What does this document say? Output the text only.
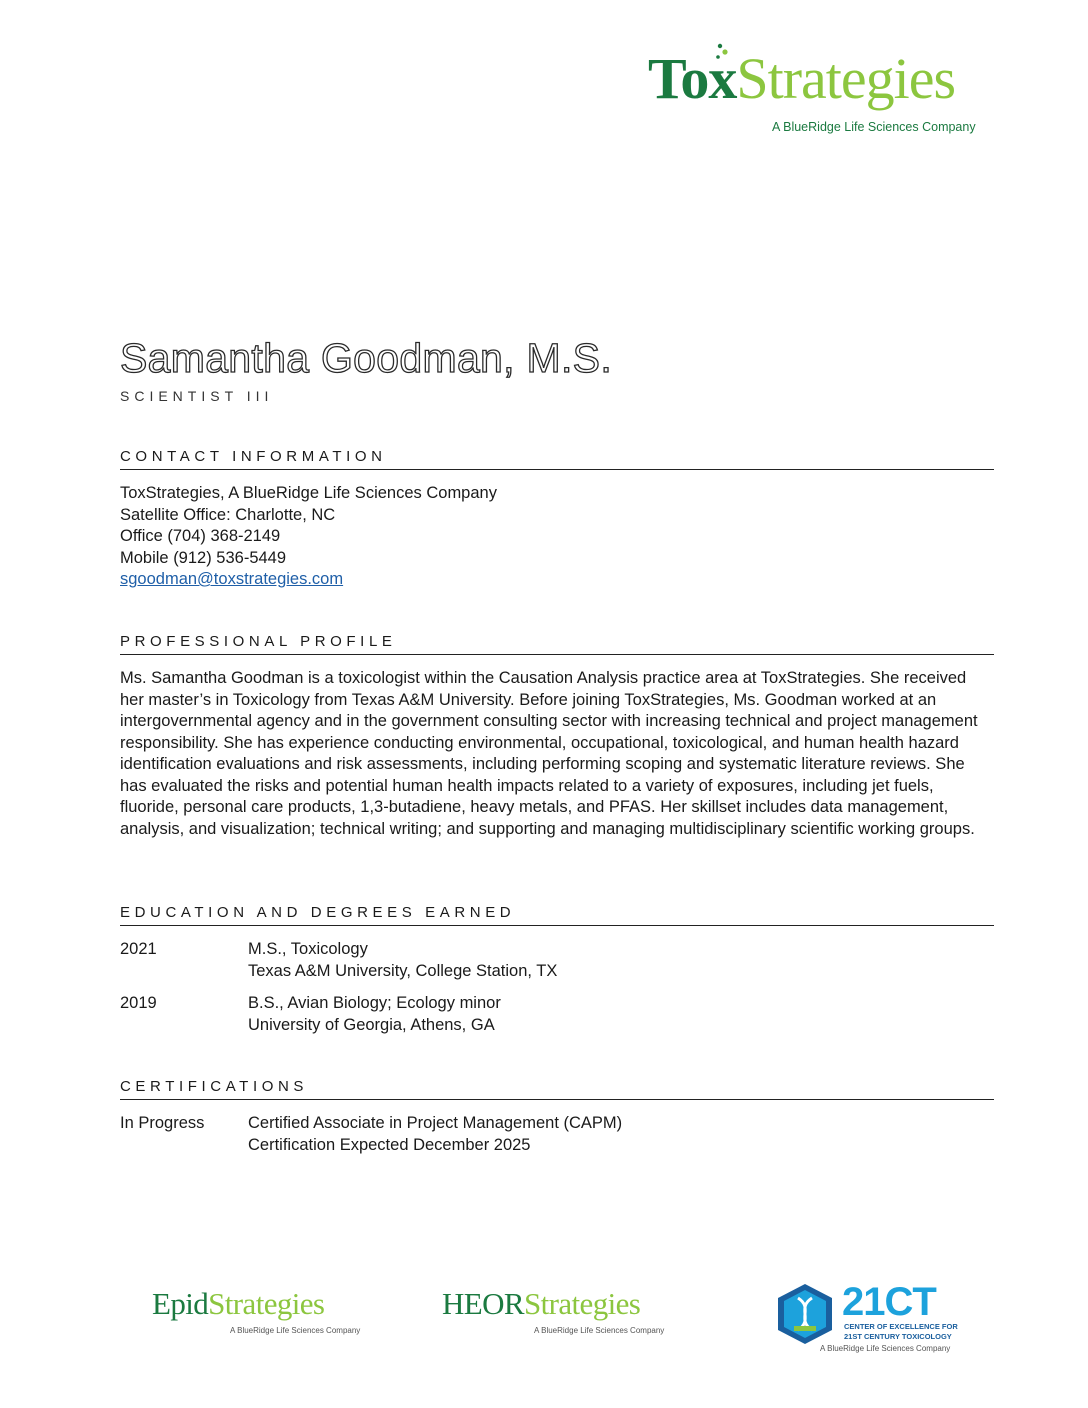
ToxStrategies
A BlueRidge Life Sciences Company
Samantha Goodman, M.S.
SCIENTIST III
CONTACT INFORMATION
ToxStrategies, A BlueRidge Life Sciences Company
Satellite Office: Charlotte, NC
Office (704) 368-2149
Mobile (912) 536-5449
sgoodman@toxstrategies.com
PROFESSIONAL PROFILE
Ms. Samantha Goodman is a toxicologist within the Causation Analysis practice area at ToxStrategies. She received her master’s in Toxicology from Texas A&M University. Before joining ToxStrategies, Ms. Goodman worked at an intergovernmental agency and in the government consulting sector with increasing technical and project management responsibility. She has experience conducting environmental, occupational, toxicological, and human health hazard identification evaluations and risk assessments, including performing scoping and systematic literature reviews. She has evaluated the risks and potential human health impacts related to a variety of exposures, including jet fuels, fluoride, personal care products, 1,3-butadiene, heavy metals, and PFAS. Her skillset includes data management, analysis, and visualization; technical writing; and supporting and managing multidisciplinary scientific working groups.
EDUCATION AND DEGREES EARNED
2021	M.S., Toxicology
Texas A&M University, College Station, TX
2019	B.S., Avian Biology; Ecology minor
University of Georgia, Athens, GA
CERTIFICATIONS
In Progress	Certified Associate in Project Management (CAPM)
Certification Expected December 2025
EpidStrategies
A BlueRidge Life Sciences Company
HEORStrategies
A BlueRidge Life Sciences Company
21CT
CENTER OF EXCELLENCE FOR
21ST CENTURY TOXICOLOGY
A BlueRidge Life Sciences Company
